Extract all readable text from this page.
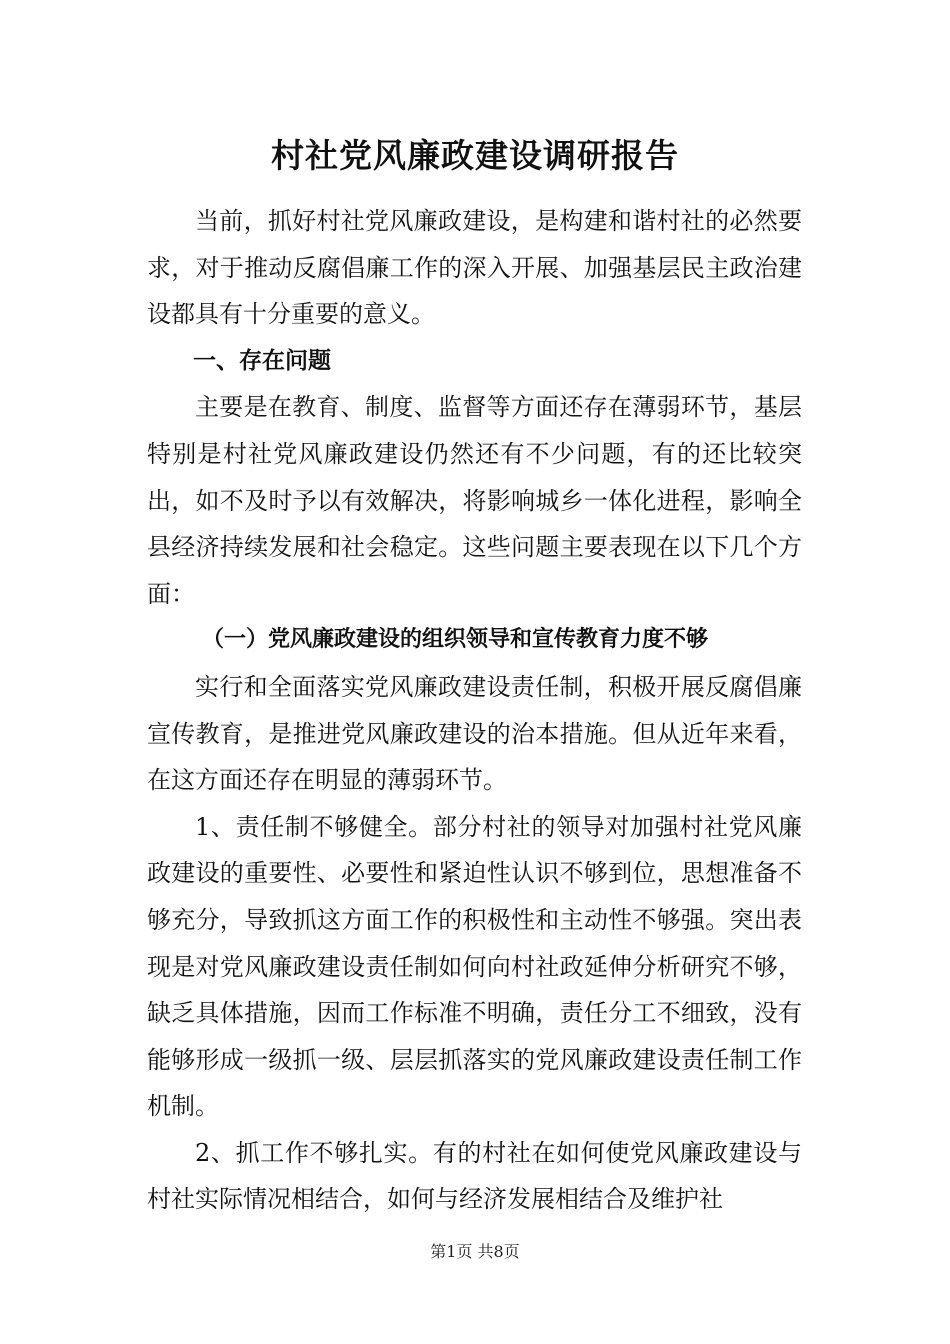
村社党风廉政建设调研报告

当前，抓好村社党风廉政建设，是构建和谐村社的必然要求，对于推动反腐倡廉工作的深入开展、加强基层民主政治建设都具有十分重要的意义。

一、存在问题

主要是在教育、制度、监督等方面还存在薄弱环节，基层特别是村社党风廉政建设仍然还有不少问题，有的还比较突出，如不及时予以有效解决，将影响城乡一体化进程，影响全县经济持续发展和社会稳定。这些问题主要表现在以下几个方面：

（一）党风廉政建设的组织领导和宣传教育力度不够

实行和全面落实党风廉政建设责任制，积极开展反腐倡廉宣传教育，是推进党风廉政建设的治本措施。但从近年来看，在这方面还存在明显的薄弱环节。

1、责任制不够健全。部分村社的领导对加强村社党风廉政建设的重要性、必要性和紧迫性认识不够到位，思想准备不够充分，导致抓这方面工作的积极性和主动性不够强。突出表现是对党风廉政建设责任制如何向村社政延伸分析研究不够，缺乏具体措施，因而工作标准不明确，责任分工不细致，没有能够形成一级抓一级、层层抓落实的党风廉政建设责任制工作机制。

2、抓工作不够扎实。有的村社在如何使党风廉政建设与村社实际情况相结合，如何与经济发展相结合及维护社

第1页 共8页
